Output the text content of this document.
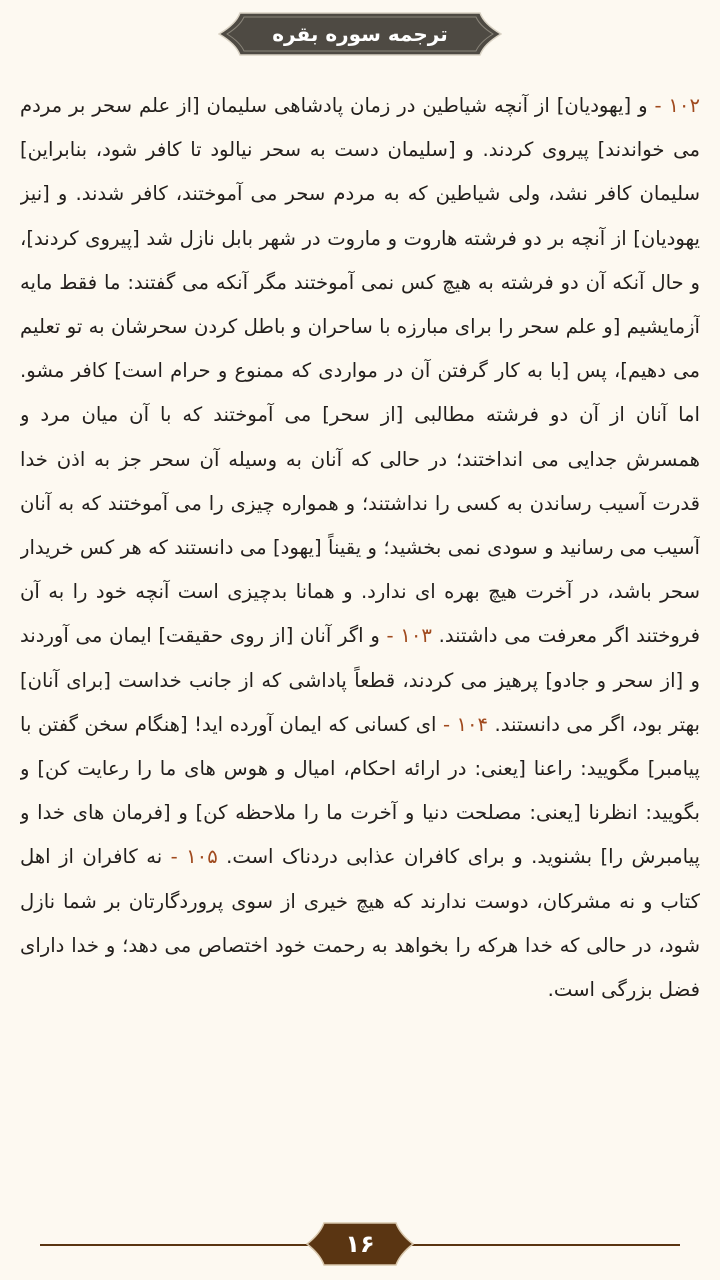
ترجمه سوره بقره
۱۰۲ - و [یهودیان] از آنچه شیاطین در زمان پادشاهی سلیمان [از علم سحر بر مردم می خواندند] پیروی کردند. و [سلیمان دست به سحر نیالود تا کافر شود، بنابراین] سلیمان کافر نشد، ولی شیاطین که به مردم سحر می آموختند، کافر شدند. و [نیز یهودیان] از آنچه بر دو فرشته هاروت و ماروت در شهر بابل نازل شد [پیروی کردند]، و حال آنکه آن دو فرشته به هیچ کس نمی آموختند مگر آنکه می گفتند: ما فقط مایه آزمایشیم [و علم سحر را برای مبارزه با ساحران و باطل کردن سحرشان به تو تعلیم می دهیم]، پس [با به کار گرفتن آن در مواردی که ممنوع و حرام است] کافر مشو. اما آنان از آن دو فرشته مطالبی [از سحر] می آموختند که با آن میان مرد و همسرش جدایی می انداختند؛ در حالی که آنان به وسیله آن سحر جز به اذن خدا قدرت آسیب رساندن به کسی را نداشتند؛ و همواره چیزی را می آموختند که به آنان آسیب می رسانید و سودی نمی بخشید؛ و یقیناً [یهود] می دانستند که هر کس خریدار سحر باشد، در آخرت هیچ بهره ای ندارد. و همانا بدچیزی است آنچه خود را به آن فروختند اگر معرفت می داشتند. ۱۰۳ - و اگر آنان [از روی حقیقت] ایمان می آوردند و [از سحر و جادو] پرهیز می کردند، قطعاً پاداشی که از جانب خداست [برای آنان] بهتر بود، اگر می دانستند. ۱۰۴ - ای کسانی که ایمان آورده اید! [هنگام سخن گفتن با پیامبر] مگویید: راعنا [یعنی: در ارائه احکام، امیال و هوس های ما را رعایت کن] و بگویید: انظرنا [یعنی: مصلحت دنیا و آخرت ما را ملاحظه کن] و [فرمان های خدا و پیامبرش را] بشنوید. و برای کافران عذابی دردناک است. ۱۰۵ - نه کافران از اهل کتاب و نه مشرکان، دوست ندارند که هیچ خیری از سوی پروردگارتان بر شما نازل شود، در حالی که خدا هرکه را بخواهد به رحمت خود اختصاص می دهد؛ و خدا دارای فضل بزرگی است.
۱۶
